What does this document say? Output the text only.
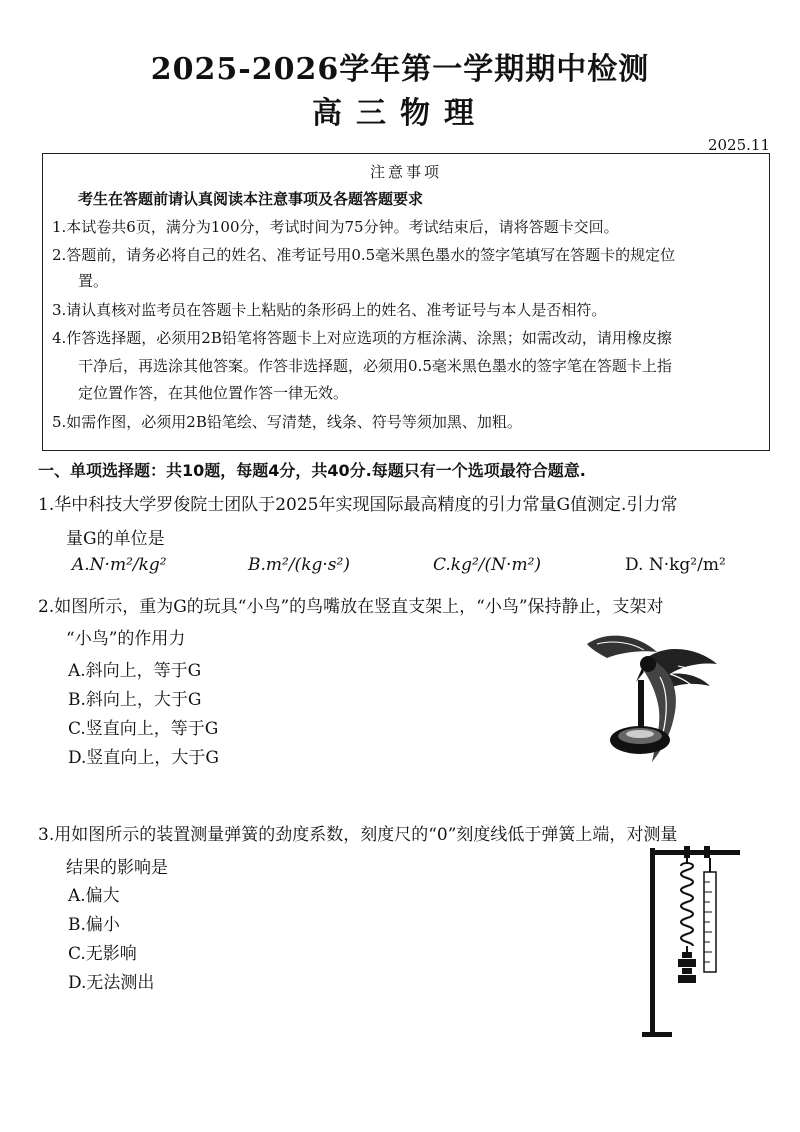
2025-2026学年第一学期期中检测
高三物理
2025.11
注意事项
考生在答题前请认真阅读本注意事项及各题答题要求
1.本试卷共6页，满分为100分，考试时间为75分钟。考试结束后，请将答题卡交回。
2.答题前，请务必将自己的姓名、准考证号用0.5毫米黑色墨水的签字笔填写在答题卡的规定位
置。
3.请认真核对监考员在答题卡上粘贴的条形码上的姓名、准考证号与本人是否相符。
4.作答选择题，必须用2B铅笔将答题卡上对应选项的方框涂满、涂黑；如需改动，请用橡皮擦
干净后，再选涂其他答案。作答非选择题，必须用0.5毫米黑色墨水的签字笔在答题卡上指
定位置作答，在其他位置作答一律无效。
5.如需作图，必须用2B铅笔绘、写清楚，线条、符号等须加黑、加粗。
一、单项选择题：共10题，每题4分，共40分.每题只有一个选项最符合题意.
1.华中科技大学罗俊院士团队于2025年实现国际最高精度的引力常量G值测定.引力常
量G的单位是
A.N·m²/kg²	B.m²/(kg·s²)	C.kg²/(N·m²)	D. N·kg²/m²
2.如图所示，重为G的玩具“小鸟”的鸟嘴放在竖直支架上，“小鸟”保持静止，支架对
“小鸟”的作用力
A.斜向上，等于G
B.斜向上，大于G
C.竖直向上，等于G
D.竖直向上，大于G
3.用如图所示的装置测量弹簧的劲度系数，刻度尺的“0”刻度线低于弹簧上端，对测量
结果的影响是
A.偏大
B.偏小
C.无影响
D.无法测出
